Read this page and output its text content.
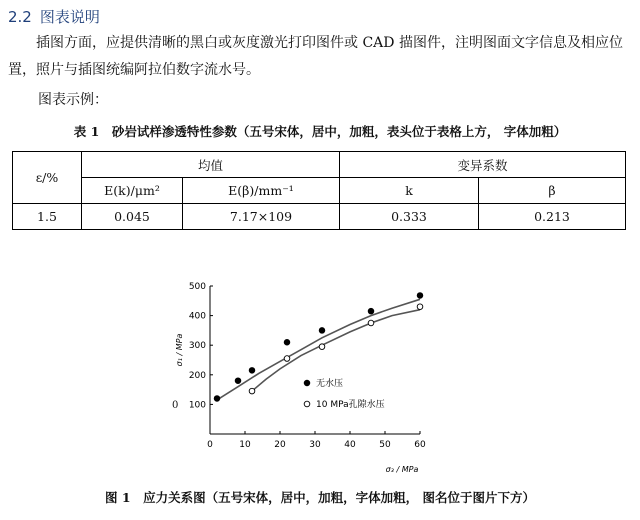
2.2 图表说明

插图方面，应提供清晰的黑白或灰度激光打印图件或 CAD 描图件，注明图面文字信息及相应位置，照片与插图统编阿拉伯数字流水号。

图表示例：
表 1　砂岩试样渗透特性参数（五号宋体，居中，加粗，表头位于表格上方， 字体加粗）
ε/%	均值		变异系数	
	E(k)/μm²	E(β)/mm⁻¹	k	β
1.5	0.045	7.17×109	0.333	0.213
0
0	10	20	30	40	50	60
100
200
300
400
500
σ₃ / MPa
σ₁ / MPa
无水压
10 MPa孔隙水压
图 1　应力关系图（五号宋体，居中，加粗，字体加粗， 图名位于图片下方）
